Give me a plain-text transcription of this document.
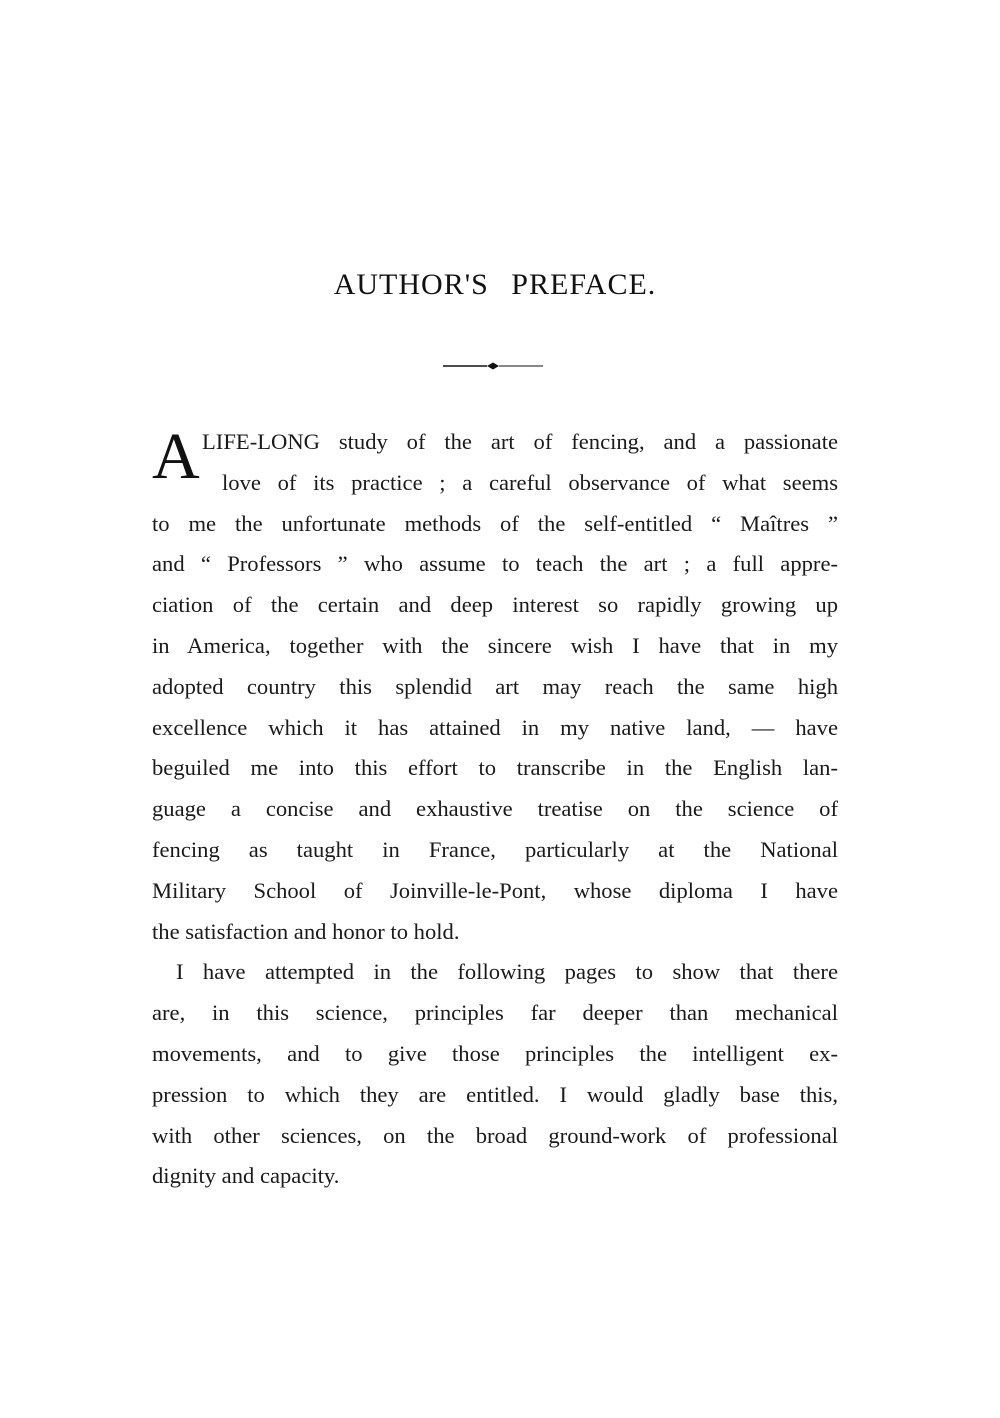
AUTHOR'S PREFACE.
A LIFE-LONG study of the art of fencing, and a passionate
love of its practice ; a careful observance of what seems
to me the unfortunate methods of the self-entitled “ Maîtres ”
and “ Professors ” who assume to teach the art ; a full appre-
ciation of the certain and deep interest so rapidly growing up
in America, together with the sincere wish I have that in my
adopted country this splendid art may reach the same high
excellence which it has attained in my native land, — have
beguiled me into this effort to transcribe in the English lan-
guage a concise and exhaustive treatise on the science of
fencing as taught in France, particularly at the National
Military School of Joinville-le-Pont, whose diploma I have
the satisfaction and honor to hold.
I have attempted in the following pages to show that there
are, in this science, principles far deeper than mechanical
movements, and to give those principles the intelligent ex-
pression to which they are entitled. I would gladly base this,
with other sciences, on the broad ground-work of professional
dignity and capacity.
